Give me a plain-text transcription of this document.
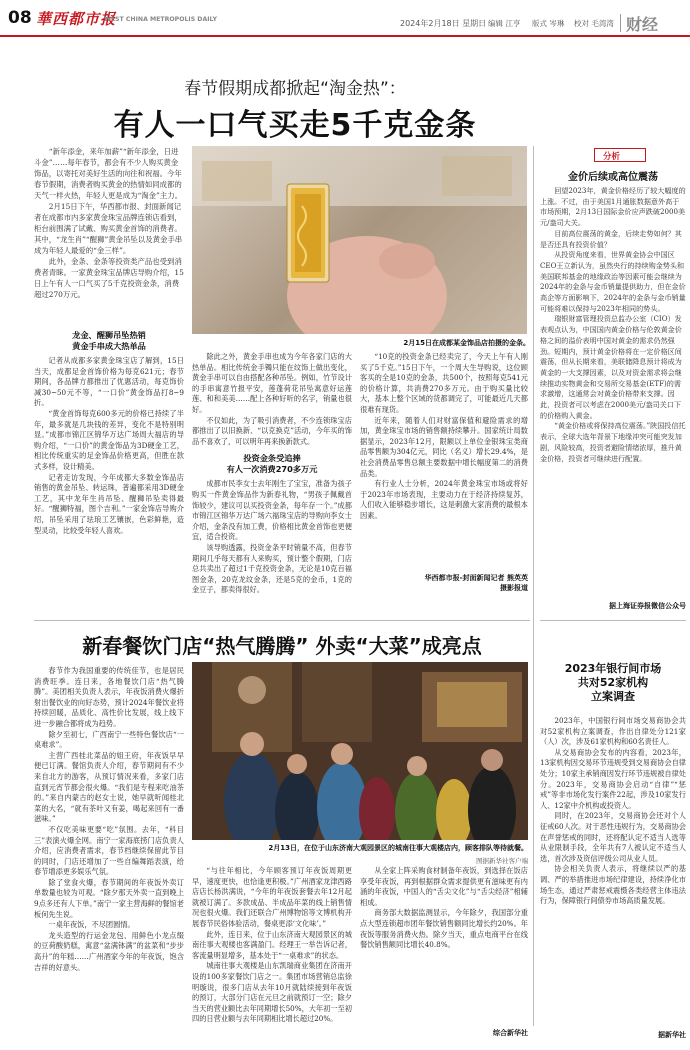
08 華西都市报
WEST CHINA METROPOLIS DAILY	2024年2月18日 星期日 编辑 江亨 版式 岑琳 校对 毛湾湾 财经
春节假期成都掀起“淘金热”：
有人一口气买走5千克金条

“新年添金，来年加薪”“新年添金，日进斗金”……每年春节，都会有不少人购买黄金饰品，以寄托对美好生活的向往和祝福。今年春节假期，消费者购买黄金的热情如同成都的天气一样火热，年轻人更是成为“淘金”主力。

2月15日下午，华西都市报、封面新闻记者在成都市内多家黄金珠宝品牌连锁店看到，柜台前围满了试戴、购买黄金首饰的消费者。其中，“龙生肖”“醒狮”黄金吊坠以及黄金手串成为年轻人最爱的“金三样”。

此外，金条、金条等投资类产品也受到消费者青睐。一家黄金珠宝品牌店导购介绍，15日上午有人一口气买了5千克投资金条，消费超过270万元。

2月15日在成都某金饰品店拍摄的金条。
龙金、醒狮吊坠热销
黄金手串成大热单品

记者从成都多家黄金珠宝店了解到，15日当天，成都足金首饰价格为每克621元；春节期间，各品牌方都推出了优惠活动，每克饰价减30~50元不等，“一口价”黄金饰品打8~9折。

“黄金首饰每克600多元的价格已持续了半年，最多就是几块钱的差异，变化不是特别明显。”成都市锦江区锦华万达广场周大福店的导购介绍，“一口价”的黄金饰品为3D硬金工艺，相比传统重实的足金饰品价格更高，但胜在款式多样，设计精美。

记者走访发现，今年成都大多数金饰品店销售的黄金吊坠、转运珠，普遍都采用3D硬金工艺，其中龙年生肖吊坠、醒狮吊坠卖得最好。“醒狮特福，图个吉利。”一家金饰店导购介绍，吊坠采用了珐琅工艺镶嵌，色彩鲜艳，造型灵动，比较受年轻人喜欢。

除此之外，黄金手串也成为今年各家门店的大热单品。相比传统金手镯只能在纹饰上做出变化，黄金手串可以自由搭配各种吊坠。例如，竹节设计的手串寓意竹报平安，莲蓬荷花吊坠寓意好运莲莲、和和美美……配上各种好听的名字，销量也很好。

不仅如此，为了吸引消费者，不少连锁珠宝店都推出了以旧换新、“以克换克”活动，今年买的饰品不喜欢了，可以明年再来换新款式。

投资金条受追捧
有人一次消费270多万元

成都市民李女士去年刚生了宝宝，准备为孩子购买一件黄金饰品作为新春礼物，“男孩子佩戴首饰较少，建议可以买投资金条，每年存一个。”成都市锦江区锦华万达广场六福珠宝店的导购向李女士介绍，金条没有加工费，价格相比黄金首饰也更便宜，适合投资。

该导购透露，投资金条平时销量不高，但春节期间几乎每天都有人来购买，预计整个假期，门店总共卖出了超过1千克投资金条，无论是10克百福图金条，20克龙纹金条，还是5克的金币，1克的金豆子，都卖得很好。

“10克的投资金条已经卖完了，今天上午有人刚买了5千克。”15日下午，一个周大生导购说，这位顾客买的全是10克的金条，共500个，按照每克541元的价格计算，共消费270多万元。由于购买量比较大，基本上整个区域的货都调完了，可能最近几天都很难有现货。

近年来，随着人们对财富保值和避险需求的增加，黄金珠宝市场的销售额持续攀升。国家统计局数据显示，2023年12月，限额以上单位金银珠宝类商品零售额为304亿元，同比（名义）增长29.4%，是社会消费品零售总额主要数据中增长幅度第二的消费品类。

有行业人士分析，2024年黄金珠宝市场或将好于2023年市场表现，主要动力在于经济持续复苏，人们收入能够稳步增长，这是刺激大家消费的最根本因素。

华西都市报-封面新闻记者 熊英英
摄影报道
分析
金价后续或高位震荡

回望2023年，黄金价格经历了较大幅度的上涨。不过，由于美国1月通胀数据意外高于市场预期，2月13日国际金价应声跌破2000美元/盎司大关。

目前高位震荡的黄金，后续走势如何？其是否还具有投资价值？

从投资角度来看，世界黄金协会中国区CEO王立新认为，虽然央行的持续购金势头和美国联邦基金的地缘政治等因素可能会继续为2024年的金条与金币销量提供助力，但在金价高企等方面影响下，2024年的金条与金币销量可能将难以保持与2023年相同的势头。

瑞银财富管理投资总监办公室（CIO）发表观点认为，中国国内黄金价格与伦敦黄金价格之间的溢价表明中国对黄金的需求仍然强劲。短期内，预计黄金价格将在一定价格区间震荡，但从长期来看，美联储降息预计将成为黄金的一大支撑因素，以及对资金需求将会继续推动实物黄金和交易所交易基金(ETF)的需求激增，这通常会对黄金价格带来支撑。因此，投资者可以考虑在2000美元/盎司关口下的价格购入黄金。

“黄金价格或将保持高位震荡。”陕国投信托表示，全球大选年背景下地缘冲突可能突发加剧，风险较高，投资者避险情绪浓厚，推升黄金价格，投资者可继续进行配置。

据上海证券报微信公众号
新春餐饮门店“热气腾腾” 外卖“大菜”成亮点

春节作为我国重要的传统佳节，也是居民消费旺季。连日来，各地餐饮门店“热气腾腾”。美团相关负责人表示，年夜饭消费火爆折射出餐饮业的向好态势，预计2024年餐饮业将持续回暖，品质化、高性价比发展，线上线下进一步融合都将成为趋势。

除夕至初七，广西南宁一些特色餐饮店“一桌难求”。

主营广西桂北菜品的姐王府，年夜饭早早便已订满。餐馆负责人介绍，春节期间有不少来自北方的游客，从预订情况来看，多家门店直到元宵节都会很火爆。“我们是专程来吃油茶的。”来自内蒙古的赵女士说，她早就听闻桂北菜的大名，“就有茶叶又有姜，喝起来回有一番滋味。”

不仅吃美味更要“吃”氛围。去年，“科目三”表演火爆全网。南宁一家海底捞门店负责人介绍，应消费者需求，春节档继续保留此节目的同时，门店还增加了一些自编舞蹈表演，给春节增添更多娱乐气氛。

除了堂食火爆，春节期间的年夜饭外卖订单数量也较为可观。“除夕那天外卖一直到晚上9点多还有人下单。”南宁一家主营海鲜的餐馆老板何先生说。

一桌年夜饭，不尽团圆情。

龙头造型的行运金龙包、用鲜色小龙点缀的豆荷酸奶糕，寓意“盆满钵满”的盆菜和“步步高升”的年糕……广州酒家今年的年夜饭，饱含吉祥的好意头。

2月13日，在位于山东济南大观园景区的城南往事大观楼店内，顾客排队等待就餐。
图据新华社客户端

“与往年相比，今年顾客预订年夜饭周期更早，速度更快，也恰逢更积极。”广州酒家龙津西路店店长杨洪满说，“今年的年夜饭套餐去年12月起就被订满了。多款成品、半成品年菜的线上销售情况也很火爆。我们还联合广州博物馆等文博机构开展春节民俗体验活动，餐桌更添‘文化味’。”

此外，连日来，位于山东济南大观园景区的城南往事大观楼也客满盈门。经理王一举告诉记者，客流量明显增多，基本处于“一桌难求”的状态。

城南往事大观楼是山东凯瑞商业集团在济南开设的100多家餐饮门店之一。集团市场营销总监徐明璇说，很多门店从去年10月就陆续接到年夜饭的预订，大部分门店在元旦之前就预订一空；除夕当天的营业额比去年同期增长50%，大年初一至初四的日营业额与去年同期相比增长超过20%。

从全家上阵采购食材制备年夜饭，到选择在饭店享受年夜饭，再到根据群众需求提供更有滋味更有内涵的年夜饭，中国人的“舌尖文化”与“舌尖经济”相辅相成。

商务部大数据监测显示，今年除夕，我国部分重点大型连锁超市团年餐饮销售额同比增长约20%。年夜饭等服务消费火热。除夕当天，重点电商平台在线餐饮销售额同比增长40.8%。

综合新华社
2023年银行间市场
共对52家机构
立案调查

2023年，中国银行间市场交易商协会共对52家机构立案调查，作出自律处分121家（人）次，涉及61家机构和60名责任人。

从交易商协会发布的内容看，2023年，13家机构因交易环节违规受到交易商协会自律处分；10家主承销商因发行环节违规被自律处分。2023年，交易商协会启动“自律”“惩戒”等非市场化发行案件22起，涉及10家发行人、12家中介机构或投资人。

同时，在2023年，交易商协会还对个人征戒60人次。对于恶性违规行为，交易商协会在声誉惩戒的同时，还将配认定不适当人选等从业限制手段，全年共有7人被认定不适当人选，首次涉及资信评级公司从业人员。

协会相关负责人表示，将继续以严的基调、严的举措推进市场纪律建设，持续净化市场生态，通过严肃惩戒震慑各类经营主体违法行为，保障银行间债券市场高质量发展。

据新华社
